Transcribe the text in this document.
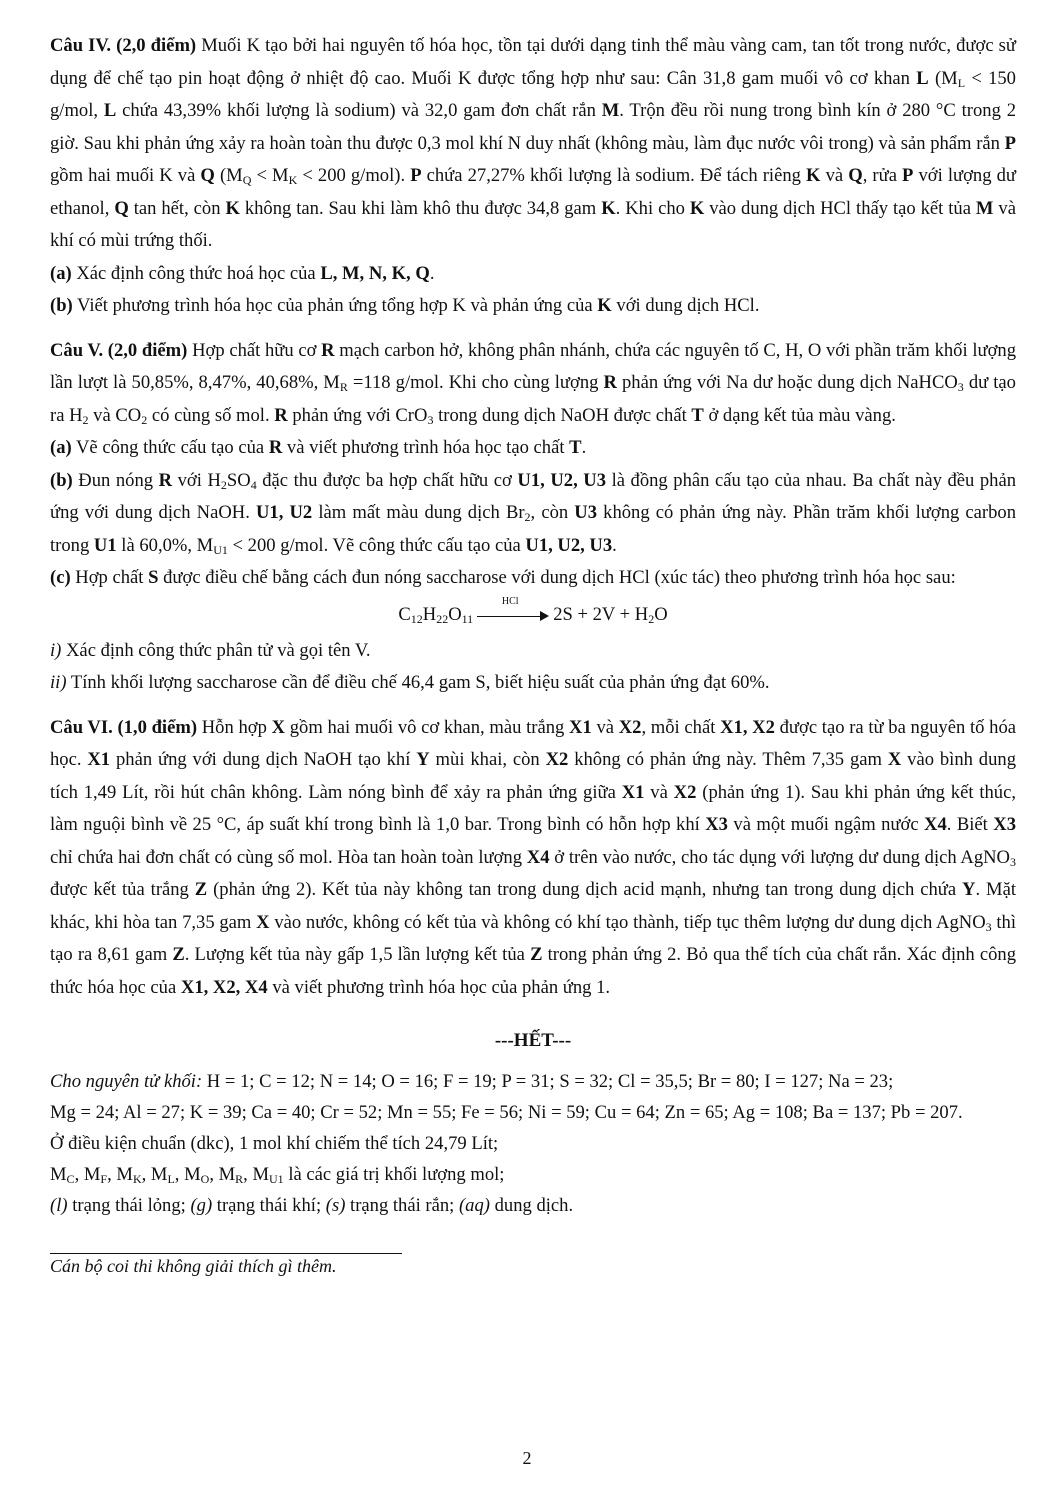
Câu IV. (2,0 điểm) Muối K tạo bởi hai nguyên tố hóa học, tồn tại dưới dạng tinh thể màu vàng cam, tan tốt trong nước, được sử dụng để chế tạo pin hoạt động ở nhiệt độ cao. Muối K được tổng hợp như sau: Cân 31,8 gam muối vô cơ khan L ($M_L < 150$ g/mol, L chứa 43,39% khối lượng là sodium) và 32,0 gam đơn chất rắn M. Trộn đều rồi nung trong bình kín ở 280 °C trong 2 giờ. Sau khi phản ứng xảy ra hoàn toàn thu được 0,3 mol khí N duy nhất (không màu, làm đục nước vôi trong) và sản phẩm rắn P gồm hai muối K và Q ($M_Q < M_K < 200$ g/mol). P chứa 27,27% khối lượng là sodium. Để tách riêng K và Q, rửa P với lượng dư ethanol, Q tan hết, còn K không tan. Sau khi làm khô thu được 34,8 gam K. Khi cho K vào dung dịch HCl thấy tạo kết tủa M và khí có mùi trứng thối.

(a) Xác định công thức hoá học của L, M, N, K, Q.

(b) Viết phương trình hóa học của phản ứng tổng hợp K và phản ứng của K với dung dịch HCl.

Câu V. (2,0 điểm) Hợp chất hữu cơ R mạch carbon hở, không phân nhánh, chứa các nguyên tố C, H, O với phần trăm khối lượng lần lượt là 50,85%, 8,47%, 40,68%, $M_R =118$ g/mol. Khi cho cùng lượng R phản ứng với Na dư hoặc dung dịch NaHCO$_3$ dư tạo ra $H_2$ và $CO_2$ có cùng số mol. R phản ứng với CrO$_3$ trong dung dịch NaOH được chất T ở dạng kết tủa màu vàng.

(a) Vẽ công thức cấu tạo của R và viết phương trình hóa học tạo chất T.

(b) Đun nóng R với $H_2SO_4$ đặc thu được ba hợp chất hữu cơ U1, U2, U3 là đồng phân cấu tạo của nhau. Ba chất này đều phản ứng với dung dịch NaOH. U1, U2 làm mất màu dung dịch $Br_2$, còn U3 không có phản ứng này. Phần trăm khối lượng carbon trong U1 là 60,0%, $M_{U1} < 200$ g/mol. Vẽ công thức cấu tạo của U1, U2, U3.

(c) Hợp chất S được điều chế bằng cách đun nóng saccharose với dung dịch HCl (xúc tác) theo phương trình hóa học sau:

$C_{12}H_{22}O_{11}$
HCl
$2S + 2V + H_2O$

i) Xác định công thức phân tử và gọi tên V.

ii) Tính khối lượng saccharose cần để điều chế 46,4 gam S, biết hiệu suất của phản ứng đạt 60%.

Câu VI. (1,0 điểm) Hỗn hợp X gồm hai muối vô cơ khan, màu trắng X1 và X2, mỗi chất X1, X2 được tạo ra từ ba nguyên tố hóa học. X1 phản ứng với dung dịch NaOH tạo khí Y mùi khai, còn X2 không có phản ứng này. Thêm 7,35 gam X vào bình dung tích 1,49 Lít, rồi hút chân không. Làm nóng bình để xảy ra phản ứng giữa X1 và X2 (phản ứng 1). Sau khi phản ứng kết thúc, làm nguội bình về 25 °C, áp suất khí trong bình là 1,0 bar. Trong bình có hỗn hợp khí X3 và một muối ngậm nước X4. Biết X3 chỉ chứa hai đơn chất có cùng số mol. Hòa tan hoàn toàn lượng X4 ở trên vào nước, cho tác dụng với lượng dư dung dịch AgNO$_3$ được kết tủa trắng Z (phản ứng 2). Kết tủa này không tan trong dung dịch acid mạnh, nhưng tan trong dung dịch chứa Y. Mặt khác, khi hòa tan 7,35 gam X vào nước, không có kết tủa và không có khí tạo thành, tiếp tục thêm lượng dư dung dịch AgNO$_3$ thì tạo ra 8,61 gam Z. Lượng kết tủa này gấp 1,5 lần lượng kết tủa Z trong phản ứng 2. Bỏ qua thể tích của chất rắn. Xác định công thức hóa học của X1, X2, X4 và viết phương trình hóa học của phản ứng 1.

---HẾT---

Cho nguyên tử khối: H = 1; C = 12; N = 14; O = 16; F = 19; P = 31; S = 32; Cl = 35,5; Br = 80; I = 127; Na = 23;

Mg = 24; Al = 27; K = 39; Ca = 40; Cr = 52; Mn = 55; Fe = 56; Ni = 59; Cu = 64; Zn = 65; Ag = 108; Ba = 137; Pb = 207.

Ở điều kiện chuẩn (dkc), 1 mol khí chiếm thể tích 24,79 Lít;

$M_C$, $M_F$, $M_K$, $M_L$, $M_O$, $M_R$, $M_{U1}$ là các giá trị khối lượng mol;

(l) trạng thái lỏng; (g) trạng thái khí; (s) trạng thái rắn; (aq) dung dịch.

Cán bộ coi thi không giải thích gì thêm.
2
